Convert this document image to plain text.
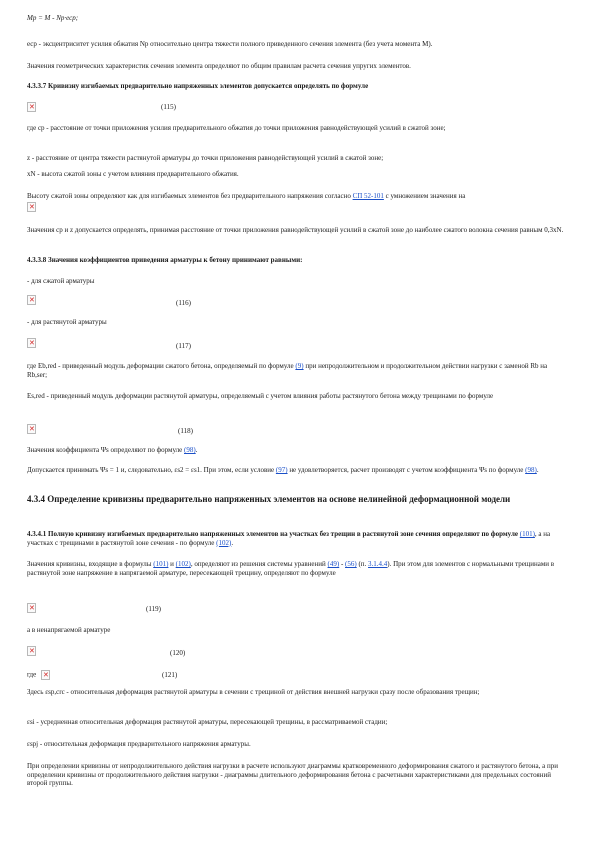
Мр = М - Nр·еср;

еср - эксцентриситет усилия обжатия Np относительно центра тяжести полного приведенного сечения элемента (без учета момента М).

Значения геометрических характеристик сечения элемента определяют по общим правилам расчета сечения упругих элементов.

4.3.3.7 Кривизну изгибаемых предварительно напряженных элементов допускается определять по формуле

✕
(115)

где ср - расстояние от точки приложения усилия предварительного обжатия до точки приложения равнодействующей усилий в сжатой зоне;

z - расстояние от центра тяжести растянутой арматуры до точки приложения равнодействующей усилий в сжатой зоне;

хN - высота сжатой зоны с учетом влияния предварительного обжатия.

Высоту сжатой зоны определяют как для изгибаемых элементов без предварительного напряжения согласно СП 52-101 с умножением значения на

✕

Значения ср и z допускается определять, принимая расстояние от точки приложения равнодействующей усилий в сжатой зоне до наиболее сжатого волокна сечения равным 0,3хN.

4.3.3.8 Значения коэффициентов приведения арматуры к бетону принимают равными:

- для сжатой арматуры

✕
(116)

- для растянутой арматуры

✕
(117)

где Eb,red - приведенный модуль деформации сжатого бетона, определяемый по формуле (9) при непродолжительном и продолжительном действии нагрузки с заменой Rb на Rb,ser;

Es,red - приведенный модуль деформации растянутой арматуры, определяемый с учетом влияния работы растянутого бетона между трещинами по формуле

✕
(118)

Значения коэффициента Ψs определяют по формуле (98).

Допускается принимать Ψs = 1 и, следовательно, εs2 = εs1. При этом, если условие (97) не удовлетворяется, расчет производят с учетом коэффициента Ψs по формуле (98).

4.3.4 Определение кривизны предварительно напряженных элементов на основе нелинейной деформационной модели

4.3.4.1 Полную кривизну изгибаемых предварительно напряженных элементов на участках без трещин в растянутой зоне сечения определяют по формуле (101), а на участках с трещинами в растянутой зоне сечения - по формуле (102).

Значения кривизны, входящие в формулы (101) и (102), определяют из решения системы уравнений (49) - (56) (п. 3.1.4.4). При этом для элементов с нормальными трещинами в растянутой зоне напряжение в напрягаемой арматуре, пересекающей трещину, определяют по формуле

✕
(119)

а в ненапрягаемой арматуре

✕
(120)

где ✕	(121)

Здесь εsp,crc - относительная деформация растянутой арматуры в сечении с трещиной от действия внешней нагрузки сразу после образования трещин;

εsi - усредненная относительная деформация растянутой арматуры, пересекающей трещины, в рассматриваемой стадии;

εspj - относительная деформация предварительного напряжения арматуры.

При определении кривизны от непродолжительного действия нагрузки в расчете используют диаграммы кратковременного деформирования сжатого и растянутого бетона, а при определении кривизны от продолжительного действия нагрузки - диаграммы длительного деформирования бетона с расчетными характеристиками для предельных состояний второй группы.
